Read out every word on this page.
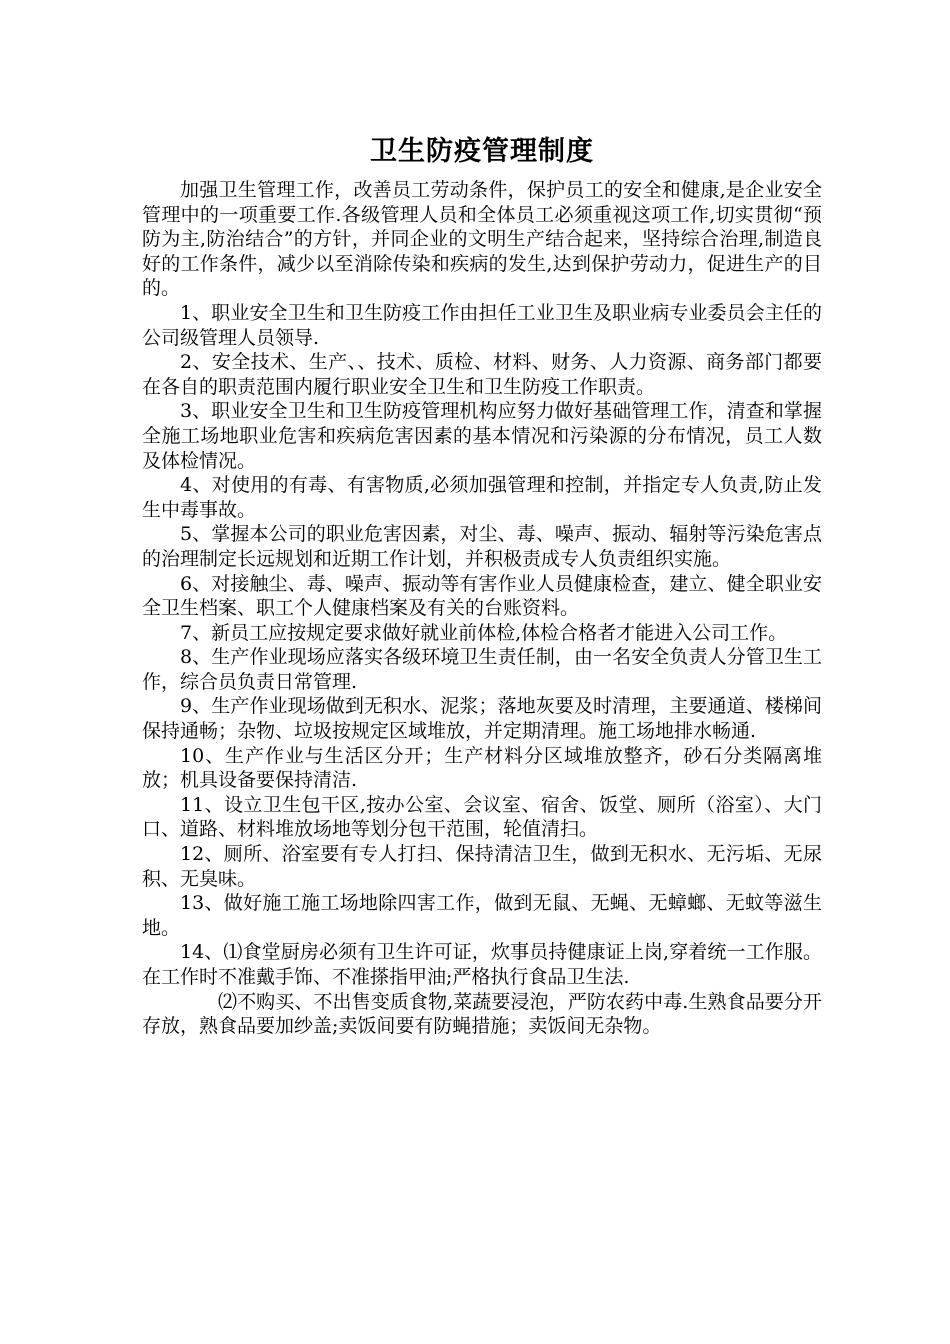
卫生防疫管理制度

加强卫生管理工作，改善员工劳动条件，保护员工的安全和健康,是企业安全管理中的一项重要工作.各级管理人员和全体员工必须重视这项工作,切实贯彻“预防为主,防治结合”的方针，并同企业的文明生产结合起来，坚持综合治理,制造良好的工作条件，减少以至消除传染和疾病的发生,达到保护劳动力，促进生产的目的。

1、职业安全卫生和卫生防疫工作由担任工业卫生及职业病专业委员会主任的公司级管理人员领导.

2、安全技术、生产、、技术、质检、材料、财务、人力资源、商务部门都要在各自的职责范围内履行职业安全卫生和卫生防疫工作职责。

3、职业安全卫生和卫生防疫管理机构应努力做好基础管理工作，清查和掌握全施工场地职业危害和疾病危害因素的基本情况和污染源的分布情况，员工人数及体检情况。

4、对使用的有毒、有害物质,必须加强管理和控制，并指定专人负责,防止发生中毒事故。

5、掌握本公司的职业危害因素，对尘、毒、噪声、振动、辐射等污染危害点的治理制定长远规划和近期工作计划，并积极责成专人负责组织实施。

6、对接触尘、毒、噪声、振动等有害作业人员健康检查，建立、健全职业安全卫生档案、职工个人健康档案及有关的台账资料。

7、新员工应按规定要求做好就业前体检,体检合格者才能进入公司工作。

8、生产作业现场应落实各级环境卫生责任制，由一名安全负责人分管卫生工作，综合员负责日常管理.

9、生产作业现场做到无积水、泥浆；落地灰要及时清理，主要通道、楼梯间保持通畅；杂物、垃圾按规定区域堆放，并定期清理。施工场地排水畅通.

10、生产作业与生活区分开；生产材料分区域堆放整齐，砂石分类隔离堆放；机具设备要保持清洁.

11、设立卫生包干区,按办公室、会议室、宿舍、饭堂、厕所（浴室）、大门口、道路、材料堆放场地等划分包干范围，轮值清扫。

12、厕所、浴室要有专人打扫、保持清洁卫生，做到无积水、无污垢、无尿积、无臭味。

13、做好施工施工场地除四害工作，做到无鼠、无蝇、无蟑螂、无蚊等滋生地。

14、⑴食堂厨房必须有卫生许可证，炊事员持健康证上岗,穿着统一工作服。在工作时不准戴手饰、不准搽指甲油;严格执行食品卫生法.

⑵不购买、不出售变质食物,菜蔬要浸泡，严防农药中毒.生熟食品要分开存放，熟食品要加纱盖;卖饭间要有防蝇措施；卖饭间无杂物。
